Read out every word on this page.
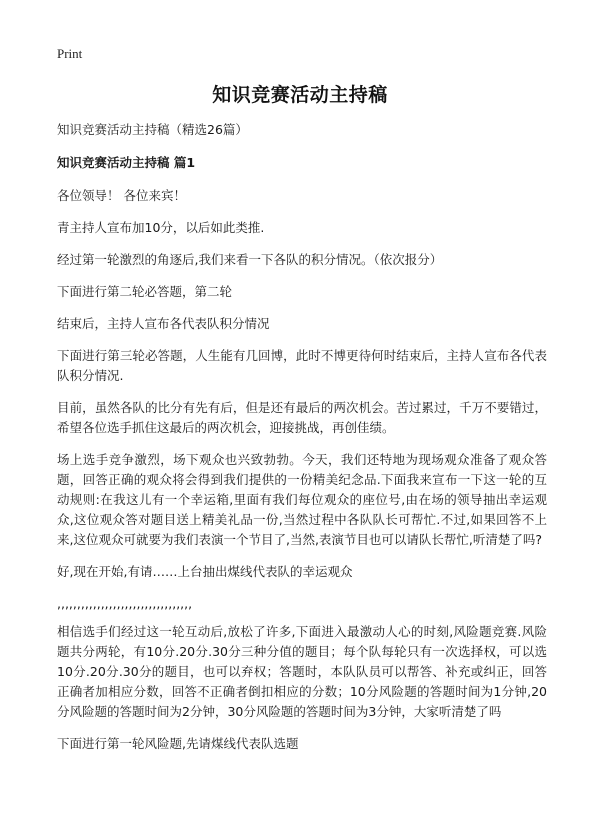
Print
知识竞赛活动主持稿

知识竞赛活动主持稿（精选26篇）

知识竞赛活动主持稿 篇1

各位领导！ 各位来宾！

青主持人宣布加10分，以后如此类推.

经过第一轮激烈的角逐后,我们来看一下各队的积分情况。（依次报分）

下面进行第二轮必答题，第二轮

结束后，主持人宣布各代表队积分情况

下面进行第三轮必答题，人生能有几回博，此时不博更待何时结束后，主持人宣布各代表队积分情况.

目前，虽然各队的比分有先有后，但是还有最后的两次机会。苦过累过，千万不要错过，希望各位选手抓住这最后的两次机会，迎接挑战，再创佳绩。

场上选手竞争激烈，场下观众也兴致勃勃。今天，我们还特地为现场观众准备了观众答题，回答正确的观众将会得到我们提供的一份精美纪念品.下面我来宣布一下这一轮的互动规则:在我这儿有一个幸运箱,里面有我们每位观众的座位号,由在场的领导抽出幸运观众,这位观众答对题目送上精美礼品一份,当然过程中各队队长可帮忙.不过,如果回答不上来,这位观众可就要为我们表演一个节目了,当然,表演节目也可以请队长帮忙,听清楚了吗?

好,现在开始,有请……上台抽出煤线代表队的幸运观众

,,,,,,,,,,,,,,,,,,,,,,,,,,,,,,,,,,

相信选手们经过这一轮互动后,放松了许多,下面进入最激动人心的时刻,风险题竞赛.风险题共分两轮，有10分.20分.30分三种分值的题目；每个队每轮只有一次选择权，可以选10分.20分.30分的题目，也可以弃权；答题时，本队队员可以帮答、补充或纠正，回答正确者加相应分数，回答不正确者倒扣相应的分数；10分风险题的答题时间为1分钟,20分风险题的答题时间为2分钟，30分风险题的答题时间为3分钟，大家听清楚了吗

下面进行第一轮风险题,先请煤线代表队选题
